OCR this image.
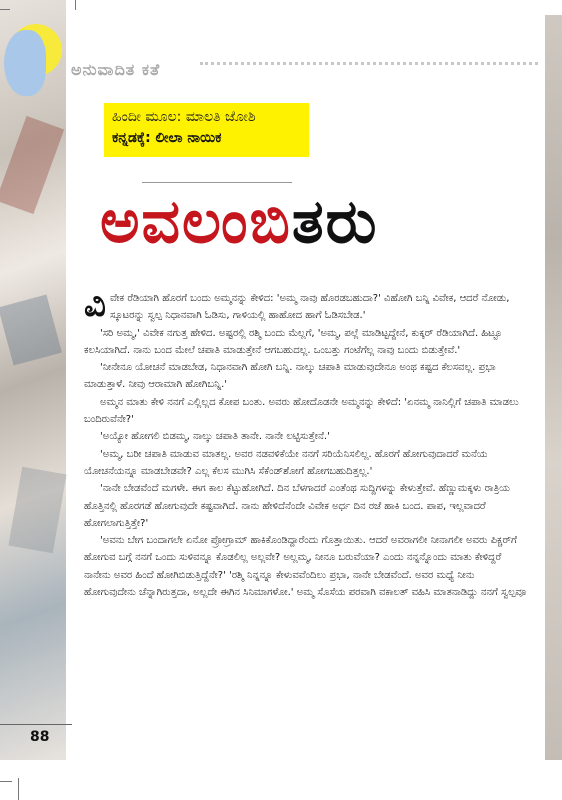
ಅನುವಾದಿತ ಕತೆ
ಹಿಂದೀ ಮೂಲ: ಮಾಲತಿ ಜೋಶಿ
ಕನ್ನಡಕ್ಕೆ: ಲೀಲಾ ನಾಯಿಕ
ಅವಲಂಬಿತರು
ವಿ ವೇಕ ರೆಡಿಯಾಗಿ ಹೊರಗೆ ಬಂದು ಅಮ್ಮನನ್ನು ಕೇಳಿದ: 'ಅಮ್ಮ ನಾವು ಹೊರಡಬಹುದಾ?' ವಿಹೋಗಿ ಬನ್ನಿ ವಿವೇಕ, ಆದರೆ ನೋಡು, ಸ್ಕೂಟರನ್ನು ಸ್ವಲ್ಪ ನಿಧಾನವಾಗಿ ಓಡಿಸು, ಗಾಳಿಯಲ್ಲಿ ಹಾಹೋದ ಹಾಗೆ ಓಡಿಸಬೇಡ.'

'ಸರಿ ಅಮ್ಮ,' ವಿವೇಕ ನಗುತ್ತ ಹೇಳಿದ. ಅಷ್ಟರಲ್ಲಿ ರಶ್ಮಿ ಬಂದು ಮೆಲ್ಲಗೆ, 'ಅಮ್ಮ, ಪಲ್ಲೆ ಮಾಡಿಟ್ಟದ್ದೇನೆ, ಕುಕ್ಕರ್ ರೆಡಿಯಾಗಿದೆ. ಹಿಟ್ಟೂ ಕಲಸಿಯಾಗಿದೆ. ನಾನು ಬಂದ ಮೇಲೆ ಚಪಾತಿ ಮಾಡುತ್ತೇನೆ ಆಗಬಹುದಲ್ಲ. ಒಂಬತ್ತು ಗಂಟೆಗೆಲ್ಲ ನಾವು ಬಂದು ಬಿಡುತ್ತೇವೆ.'

'ನೀನೇನೂ ಯೋಚನೆ ಮಾಡಬೇಡ, ನಿಧಾನವಾಗಿ ಹೋಗಿ ಬನ್ನಿ. ನಾಲ್ಕು ಚಪಾತಿ ಮಾಡುವುದೇನೂ ಅಂಥ ಕಷ್ಟದ ಕೆಲಸವಲ್ಲ. ಪ್ರಭಾ ಮಾಡುತ್ತಾಳೆ. ನೀವು ಆರಾಮಾಗಿ ಹೋಗಿಬನ್ನಿ.'

ಅಮ್ಮನ ಮಾತು ಕೇಳಿ ನನಗೆ ಎಲ್ಲಿಲ್ಲದ ಕೋಪ ಬಂತು. ಅವರು ಹೋದೊಡನೇ ಅಮ್ಮನನ್ನು ಕೇಳಿದೆ: 'ಏನಮ್ಮ ನಾನಿಲ್ಲಿಗೆ ಚಪಾತಿ ಮಾಡಲು ಬಂದಿರುವೆನೇ?'

'ಅಯ್ಯೋ ಹೋಗಲಿ ಬಿಡಮ್ಮ, ನಾಲ್ಕು ಚಪಾತಿ ತಾನೇ. ನಾನೇ ಲಟ್ಟಿಸುತ್ತೇನೆ.'

'ಅಮ್ಮ, ಬರೀ ಚಪಾತಿ ಮಾಡುವ ಮಾತಲ್ಲ. ಅವರ ನಡವಳಿಕೆಯೇ ನನಗೆ ಸರಿಯೆನಿಸಲಿಲ್ಲ. ಹೊರಗೆ ಹೋಗುವುದಾದರೆ ಮನೆಯ ಯೋಚನೆಯನ್ನೂ ಮಾಡಬೇಡವೇ? ಎಲ್ಲ ಕೆಲಸ ಮುಗಿಸಿ ಸೆಕೆಂಡ್‌ಶೋಗೆ ಹೋಗಬಹುದಿತ್ತಲ್ಲ.'

'ನಾನೇ ಬೇಡವೆಂದೆ ಮಗಳೇ. ಈಗ ಕಾಲ ಕೆಟ್ಟುಹೋಗಿದೆ. ದಿನ ಬೆಳಗಾದರೆ ಎಂತೆಂಥ ಸುದ್ದಿಗಳನ್ನು ಕೇಳುತ್ತೇವೆ. ಹೆಣ್ಣುಮಕ್ಕಳು ರಾತ್ರಿಯ ಹೊತ್ತಿನಲ್ಲಿ ಹೊರಗಡೆ ಹೋಗುವುದೇ ಕಷ್ಟವಾಗಿದೆ. ನಾನು ಹೇಳಿದೆನೆಂದೇ ವಿವೇಕ ಅರ್ಧ ದಿನ ರಜೆ ಹಾಕಿ ಬಂದ. ಪಾಪ, ಇಲ್ಲವಾದರೆ ಹೋಗಲಾಗುತ್ತಿತ್ತೇ?'

'ಅವನು ಬೇಗ ಬಂದಾಗಲೇ ಏನೋ ಪ್ರೋಗ್ರಾಮ್ ಹಾಕಿಕೊಂಡಿದ್ದಾರೆಂದು ಗೊತ್ತಾಯಿತು. ಆದರೆ ಅವರಾಗಲೀ ನೀನಾಗಲೀ ಅವರು ಪಿಕ್ಚರ್‌ಗೆ ಹೋಗುವ ಬಗ್ಗೆ ನನಗೆ ಒಂದು ಸುಳಿವನ್ನೂ ಕೊಡಲಿಲ್ಲ ಅಲ್ಲವೇ? ಅಲ್ಲಮ್ಮ, ನೀನೂ ಬರುವೆಯಾ? ಎಂದು ನನ್ನನ್ನೊಂದು ಮಾತು ಕೇಳಿದ್ದರೆ ನಾನೇನು ಅವರ ಹಿಂದೆ ಹೋಗಿಬಿಡುತ್ತಿದ್ದೆನೇ?' 'ರಶ್ಮಿ ನಿನ್ನನ್ನೂ ಕೇಳುವವೆಂದಿಲು ಪ್ರಭಾ, ನಾನೇ ಬೇಡವೆಂದೆ. ಅವರ ಮಧ್ಯೆ ನೀನು ಹೋಗುವುದೇನು ಚೆನ್ನಾಗಿರುತ್ತದಾ, ಅಲ್ಲದೇ ಈಗಿನ ಸಿನಿಮಾಗಳೋ.' ಅಮ್ಮ ಸೊಸೆಯ ಪರವಾಗಿ ವಕಾಲತ್ ವಹಿಸಿ ಮಾತನಾಡಿದ್ದು ನನಗೆ ಸ್ವಲ್ಪವೂ

88
